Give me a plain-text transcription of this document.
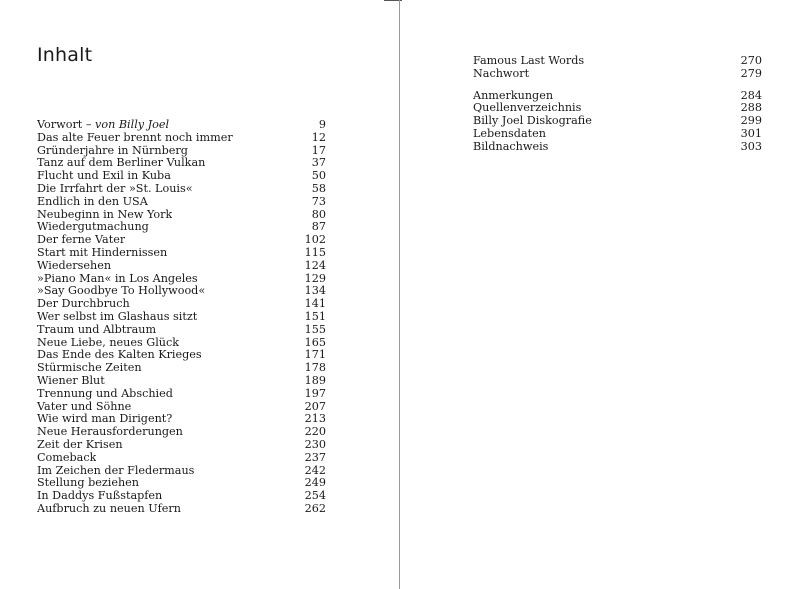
Inhalt
Vorwort – von Billy Joel	9
Das alte Feuer brennt noch immer	12
Gründerjahre in Nürnberg	17
Tanz auf dem Berliner Vulkan	37
Flucht und Exil in Kuba	50
Die Irrfahrt der »St. Louis«	58
Endlich in den USA	73
Neubeginn in New York	80
Wiedergutmachung	87
Der ferne Vater	102
Start mit Hindernissen	115
Wiedersehen	124
»Piano Man« in Los Angeles	129
»Say Goodbye To Hollywood«	134
Der Durchbruch	141
Wer selbst im Glashaus sitzt	151
Traum und Albtraum	155
Neue Liebe, neues Glück	165
Das Ende des Kalten Krieges	171
Stürmische Zeiten	178
Wiener Blut	189
Trennung und Abschied	197
Vater und Söhne	207
Wie wird man Dirigent?	213
Neue Herausforderungen	220
Zeit der Krisen	230
Comeback	237
Im Zeichen der Fledermaus	242
Stellung beziehen	249
In Daddys Fußstapfen	254
Aufbruch zu neuen Ufern	262
Famous Last Words	270
Nachwort	279
Anmerkungen	284
Quellenverzeichnis	288
Billy Joel Diskografie	299
Lebensdaten	301
Bildnachweis	303
